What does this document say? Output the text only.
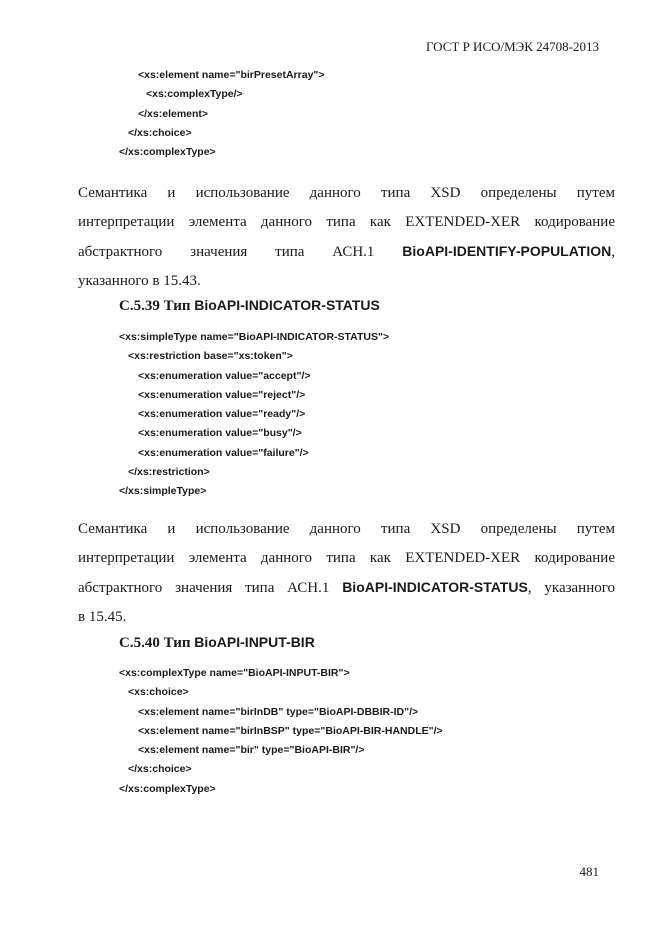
ГОСТ Р ИСО/МЭК 24708-2013
<xs:element name="birPresetArray">
<xs:complexType/>
</xs:element>
</xs:choice>
</xs:complexType>
Семантика и использование данного типа XSD определены путем
интерпретации элемента данного типа как EXTENDED-XER кодирование
абстрактного значения типа АСН.1 BioAPI-IDENTIFY-POPULATION,
указанного в 15.43.
C.5.39 Тип BioAPI-INDICATOR-STATUS
<xs:simpleType name="BioAPI-INDICATOR-STATUS">
<xs:restriction base="xs:token">
<xs:enumeration value="accept"/>
<xs:enumeration value="reject"/>
<xs:enumeration value="ready"/>
<xs:enumeration value="busy"/>
<xs:enumeration value="failure"/>
</xs:restriction>
</xs:simpleType>
Семантика и использование данного типа XSD определены путем
интерпретации элемента данного типа как EXTENDED-XER кодирование
абстрактного значения типа АСН.1 BioAPI-INDICATOR-STATUS, указанного
в 15.45.
C.5.40 Тип BioAPI-INPUT-BIR
<xs:complexType name="BioAPI-INPUT-BIR">
<xs:choice>
<xs:element name="birInDB" type="BioAPI-DBBIR-ID"/>
<xs:element name="birInBSP" type="BioAPI-BIR-HANDLE"/>
<xs:element name="bir" type="BioAPI-BIR"/>
</xs:choice>
</xs:complexType>
481
